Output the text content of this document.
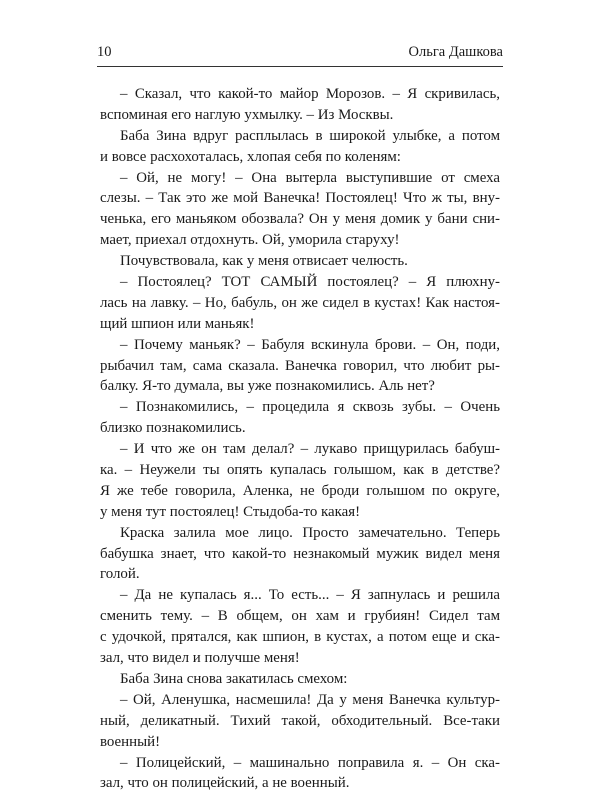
10	Ольга Дашкова
– Сказал, что какой-то майор Морозов. – Я скривилась,
вспоминая его наглую ухмылку. – Из Москвы.
Баба Зина вдруг расплылась в широкой улыбке, а потом
и вовсе расхохоталась, хлопая себя по коленям:
– Ой, не могу! – Она вытерла выступившие от смеха
слезы. – Так это же мой Ванечка! Постоялец! Что ж ты, вну-
ченька, его маньяком обозвала? Он у меня домик у бани сни-
мает, приехал отдохнуть. Ой, уморила старуху!
Почувствовала, как у меня отвисает челюсть.
– Постоялец? ТОТ САМЫЙ постоялец? – Я плюхну-
лась на лавку. – Но, бабуль, он же сидел в кустах! Как настоя-
щий шпион или маньяк!
– Почему маньяк? – Бабуля вскинула брови. – Он, поди,
рыбачил там, сама сказала. Ванечка говорил, что любит ры-
балку. Я-то думала, вы уже познакомились. Аль нет?
– Познакомились, – процедила я сквозь зубы. – Очень
близко познакомились.
– И что же он там делал? – лукаво прищурилась бабуш-
ка. – Неужели ты опять купалась голышом, как в детстве?
Я же тебе говорила, Аленка, не броди голышом по округе,
у меня тут постоялец! Стыдоба-то какая!
Краска залила мое лицо. Просто замечательно. Теперь
бабушка знает, что какой-то незнакомый мужик видел меня
голой.
– Да не купалась я... То есть... – Я запнулась и решила
сменить тему. – В общем, он хам и грубиян! Сидел там
с удочкой, прятался, как шпион, в кустах, а потом еще и ска-
зал, что видел и получше меня!
Баба Зина снова закатилась смехом:
– Ой, Аленушка, насмешила! Да у меня Ванечка культур-
ный, деликатный. Тихий такой, обходительный. Все-таки
военный!
– Полицейский, – машинально поправила я. – Он ска-
зал, что он полицейский, а не военный.
